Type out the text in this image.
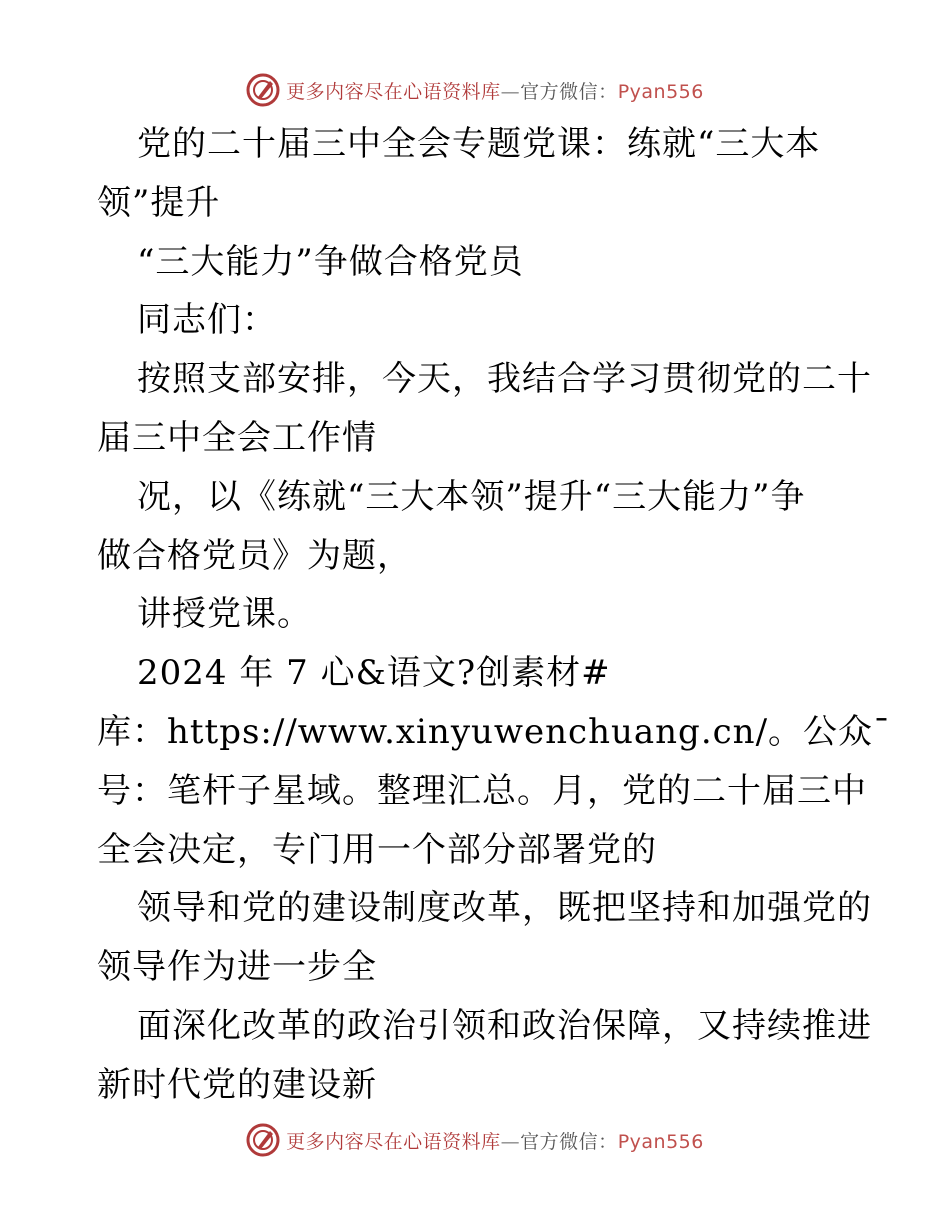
更多内容尽在心语资料库—官方微信：Pyan556
党的二十届三中全会专题党课：练就“三大本
领”提升
“三大能力”争做合格党员
同志们：
按照支部安排，今天，我结合学习贯彻党的二十
届三中全会工作情
况，以《练就“三大本领”提升“三大能力”争
做合格党员》为题，
讲授党课。
2024 年 7 心&语文?创素材#
库：https://www.xinyuwenchuang.cn/。公众¯
号：笔杆子星域。整理汇总。月，党的二十届三中
全会决定，专门用一个部分部署党的
领导和党的建设制度改革，既把坚持和加强党的
领导作为进一步全
面深化改革的政治引领和政治保障，又持续推进
新时代党的建设新
更多内容尽在心语资料库—官方微信：Pyan556
